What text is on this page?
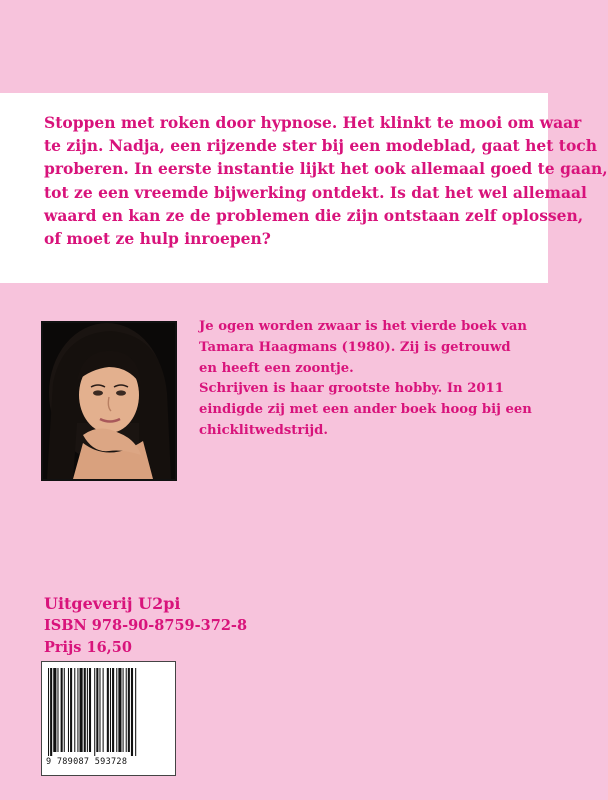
Stoppen met roken door hypnose. Het klinkt te mooi om waar
te zijn. Nadja, een rijzende ster bij een modeblad, gaat het toch
proberen. In eerste instantie lijkt het ook allemaal goed te gaan,
tot ze een vreemde bijwerking ontdekt. Is dat het wel allemaal
waard en kan ze de problemen die zijn ontstaan zelf oplossen,
of moet ze hulp inroepen?
Je ogen worden zwaar is het vierde boek van
Tamara Haagmans (1980). Zij is getrouwd
en heeft een zoontje.
Schrijven is haar grootste hobby. In 2011
eindigde zij met een ander boek hoog bij een
chicklitwedstrijd.
Uitgeverij U2pi
ISBN 978-90-8759-372-8
Prijs 16,50
9 789087 593728
